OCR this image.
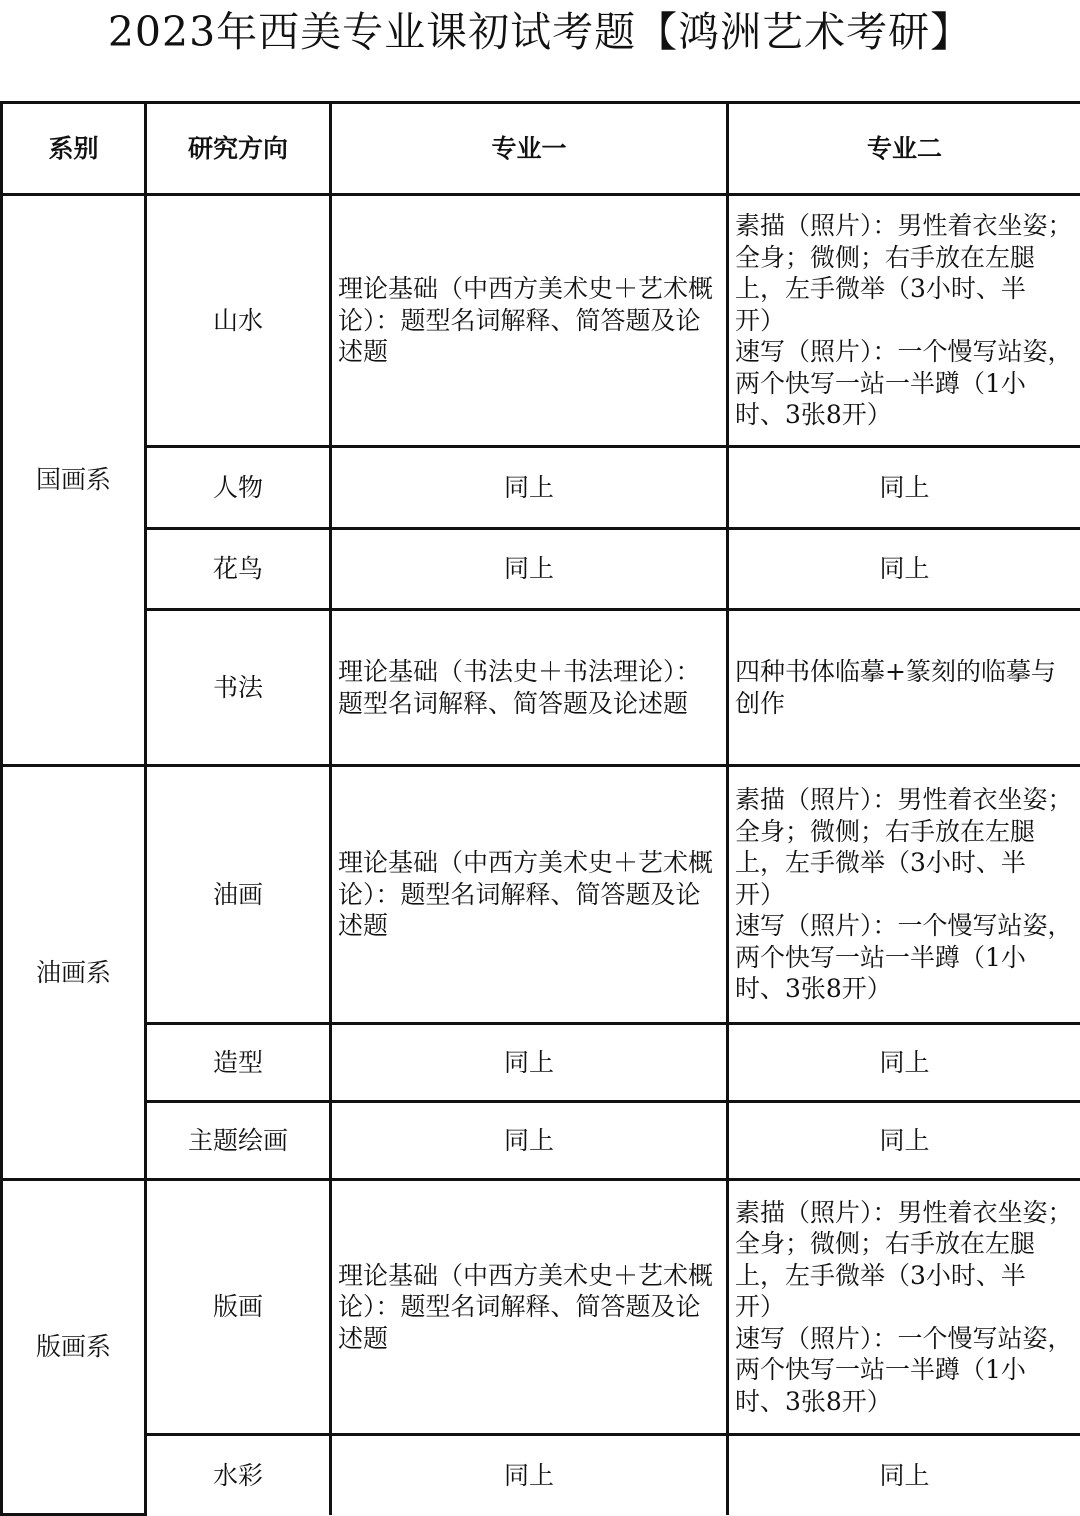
2023年西美专业课初试考题【鸿洲艺术考研】
系别	研究方向	专业一	专业二
国画系	山水	理论基础（中西方美术史＋艺术概论）：题型名词解释、简答题及论述题	素描（照片）：男性着衣坐姿；全身；微侧；右手放在左腿上，左手微举（3小时、半开）
速写（照片）：一个慢写站姿，两个快写一站一半蹲（1小时、3张8开）

	人物	同上	同上
	花鸟	同上	同上
	书法	理论基础（书法史＋书法理论）：题型名词解释、简答题及论述题	四种书体临摹+篆刻的临摹与创作
油画系	油画	理论基础（中西方美术史＋艺术概论）：题型名词解释、简答题及论述题	素描（照片）：男性着衣坐姿；全身；微侧；右手放在左腿上，左手微举（3小时、半开）
速写（照片）：一个慢写站姿，两个快写一站一半蹲（1小时、3张8开）

	造型	同上	同上
	主题绘画	同上	同上
版画系	版画	理论基础（中西方美术史＋艺术概论）：题型名词解释、简答题及论述题	素描（照片）：男性着衣坐姿；全身；微侧；右手放在左腿上，左手微举（3小时、半开）
速写（照片）：一个慢写站姿，两个快写一站一半蹲（1小时、3张8开）

	水彩	同上	同上
